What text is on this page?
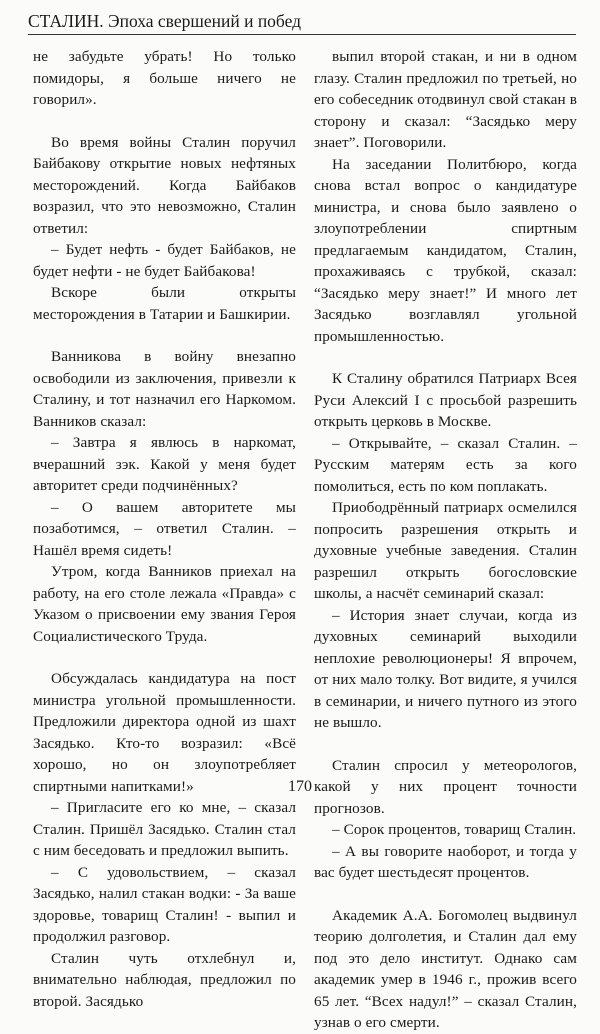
СТАЛИН. Эпоха свершений и побед

не забудьте убрать! Но только помидоры, я больше ничего не говорил».

Во время войны Сталин поручил Байбакову открытие новых нефтяных месторождений. Когда Байбаков возразил, что это невозможно, Сталин ответил:

– Будет нефть - будет Байбаков, не будет нефти - не будет Байбакова!

Вскоре были открыты месторождения в Татарии и Башкирии.

Ванникова в войну внезапно освободили из заключения, привезли к Сталину, и тот назначил его Наркомом. Ванников сказал:

– Завтра я явлюсь в наркомат, вчерашний зэк. Какой у меня будет авторитет среди подчинённых?

– О вашем авторитете мы позаботимся, – ответил Сталин. – Нашёл время сидеть!

Утром, когда Ванников приехал на работу, на его столе лежала «Правда» с Указом о присвоении ему звания Героя Социалистического Труда.

Обсуждалась кандидатура на пост министра угольной промышленности. Предложили директора одной из шахт Засядько. Кто-то возразил: «Всё хорошо, но он злоупотребляет спиртными напитками!»

– Пригласите его ко мне, – сказал Сталин. Пришёл Засядько. Сталин стал с ним беседовать и предложил выпить.

– С удовольствием, – сказал Засядько, налил стакан водки: - За ваше здоровье, товарищ Сталин! - выпил и продолжил разговор.

Сталин чуть отхлебнул и, внимательно наблюдая, предложил по второй. Засядько

выпил второй стакан, и ни в одном глазу. Сталин предложил по третьей, но его собеседник отодвинул свой стакан в сторону и сказал: “Засядько меру знает”. Поговорили.

На заседании Политбюро, когда снова встал вопрос о кандидатуре министра, и снова было заявлено о злоупотреблении спиртным предлагаемым кандидатом, Сталин, прохаживаясь с трубкой, сказал: “Засядько меру знает!” И много лет Засядько возглавлял угольной промышленностью.

К Сталину обратился Патриарх Всея Руси Алексий I с просьбой разрешить открыть церковь в Москве.

– Открывайте, – сказал Сталин. – Русским матерям есть за кого помолиться, есть по ком поплакать.

Приободрённый патриарх осмелился попросить разрешения открыть и духовные учебные заведения. Сталин разрешил открыть богословские школы, а насчёт семинарий сказал:

– История знает случаи, когда из духовных семинарий выходили неплохие революционеры! Я впрочем, от них мало толку. Вот видите, я учился в семинарии, и ничего путного из этого не вышло.

Сталин спросил у метеорологов, какой у них процент точности прогнозов.

– Сорок процентов, товарищ Сталин.

– А вы говорите наоборот, и тогда у вас будет шестьдесят процентов.

Академик А.А. Богомолец выдвинул теорию долголетия, и Сталин дал ему под это дело институт. Однако сам академик умер в 1946 г., прожив всего 65 лет. “Всех надул!” – сказал Сталин, узнав о его смерти.

170
